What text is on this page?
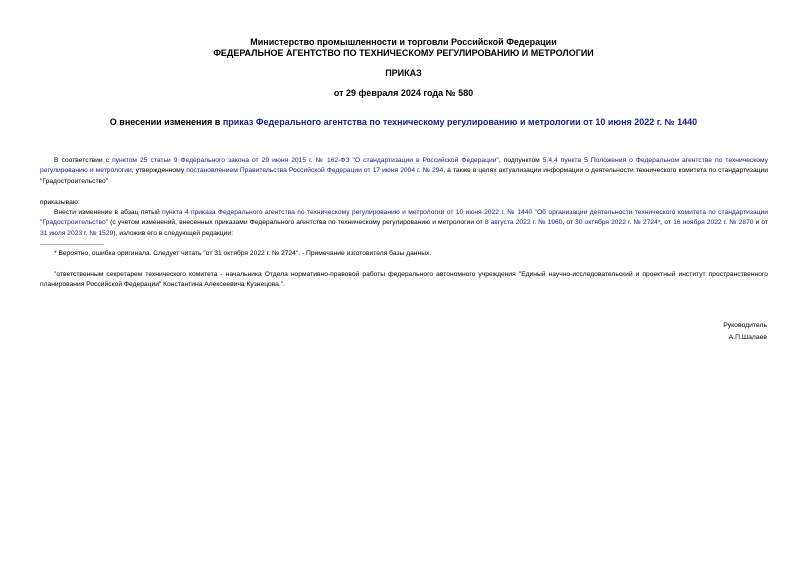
Министерство промышленности и торговли Российской Федерации
ФЕДЕРАЛЬНОЕ АГЕНТСТВО ПО ТЕХНИЧЕСКОМУ РЕГУЛИРОВАНИЮ И МЕТРОЛОГИИ
ПРИКАЗ
от 29 февраля 2024 года № 580
О внесении изменения в приказ Федерального агентства по техническому регулированию и метрологии от 10 июня 2022 г. № 1440
В соответствии с пунктом 25 статьи 9 Федерального закона от 29 июня 2015 г. № 162-ФЗ "О стандартизации в Российской Федерации", подпунктом 5.4.4 пункта 5 Положения о Федеральном агентстве по техническому регулированию и метрологии, утвержденному постановлением Правительства Российской Федерации от 17 июня 2004 г. № 294, а также в целях актуализации информации о деятельности технического комитета по стандартизации "Градостроительство"
приказываю:
Внести изменение в абзац пятый пункта 4 приказа Федерального агентства по техническому регулированию и метрологии от 10 июня 2022 г. № 1440 "Об организации деятельности технического комитета по стандартизации "Градостроительство" (с учетом изменений, внесенных приказами Федерального агентства по техническому регулированию и метрологии от 8 августа 2022 г. № 1960, от 30 октября 2022 г. № 2724*, от 16 ноября 2022 г. № 2870 и от 31 июля 2023 г. № 1529), изложив его в следующей редакции:
* Вероятно, ошибка оригинала. Следует читать "от 31 октября 2022 г. № 2724". - Примечание изготовителя базы данных.
"ответственным секретарем технического комитета - начальника Отдела нормативно-правовой работы федерального автономного учреждения "Единый научно-исследовательский и проектный институт пространственного планирования Российской Федерации" Константина Алексеевича Кузнецова.".
Руководитель
А.П.Шалаев
